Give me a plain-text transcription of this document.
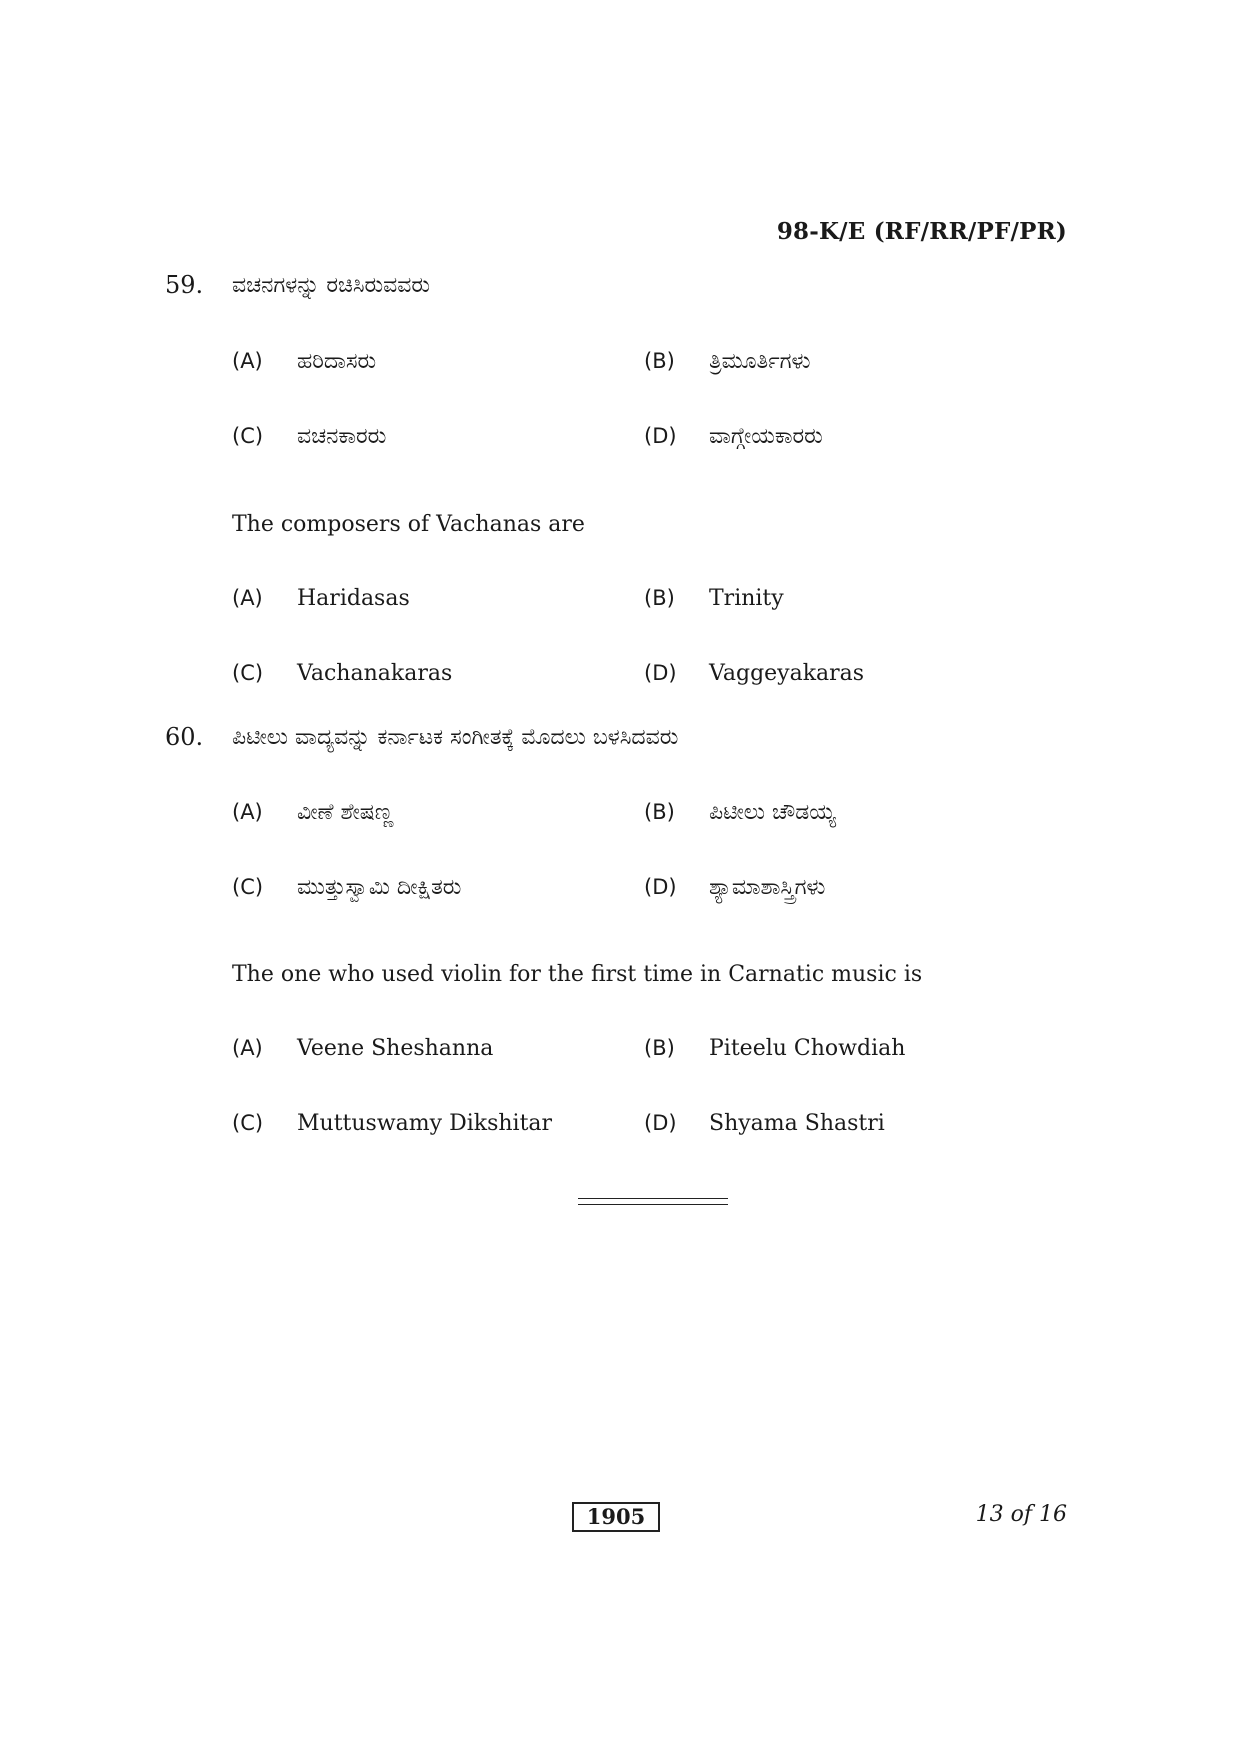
98-K/E (RF/RR/PF/PR)
59. ವಚನಗಳನ್ನು ರಚಿಸಿರುವವರು
(A)	ಹರಿದಾಸರು	(B)	ತ್ರಿಮೂರ್ತಿಗಳು
(C)	ವಚನಕಾರರು	(D)	ವಾಗ್ಗೇಯಕಾರರು
The composers of Vachanas are
(A)	Haridasas	(B)	Trinity
(C)	Vachanakaras	(D)	Vaggeyakaras
60. ಪಿಟೀಲು ವಾದ್ಯವನ್ನು ಕರ್ನಾಟಕ ಸಂಗೀತಕ್ಕೆ ಮೊದಲು ಬಳಸಿದವರು
(A)	ವೀಣೆ ಶೇಷಣ್ಣ	(B)	ಪಿಟೀಲು ಚೌಡಯ್ಯ
(C)	ಮುತ್ತುಸ್ವಾಮಿ ದೀಕ್ಷಿತರು	(D)	ಶ್ಯಾಮಾಶಾಸ್ತ್ರಿಗಳು
The one who used violin for the first time in Carnatic music is
(A)	Veene Sheshanna	(B)	Piteelu Chowdiah
(C)	Muttuswamy Dikshitar	(D)	Shyama Shastri
1905	13 of 16
